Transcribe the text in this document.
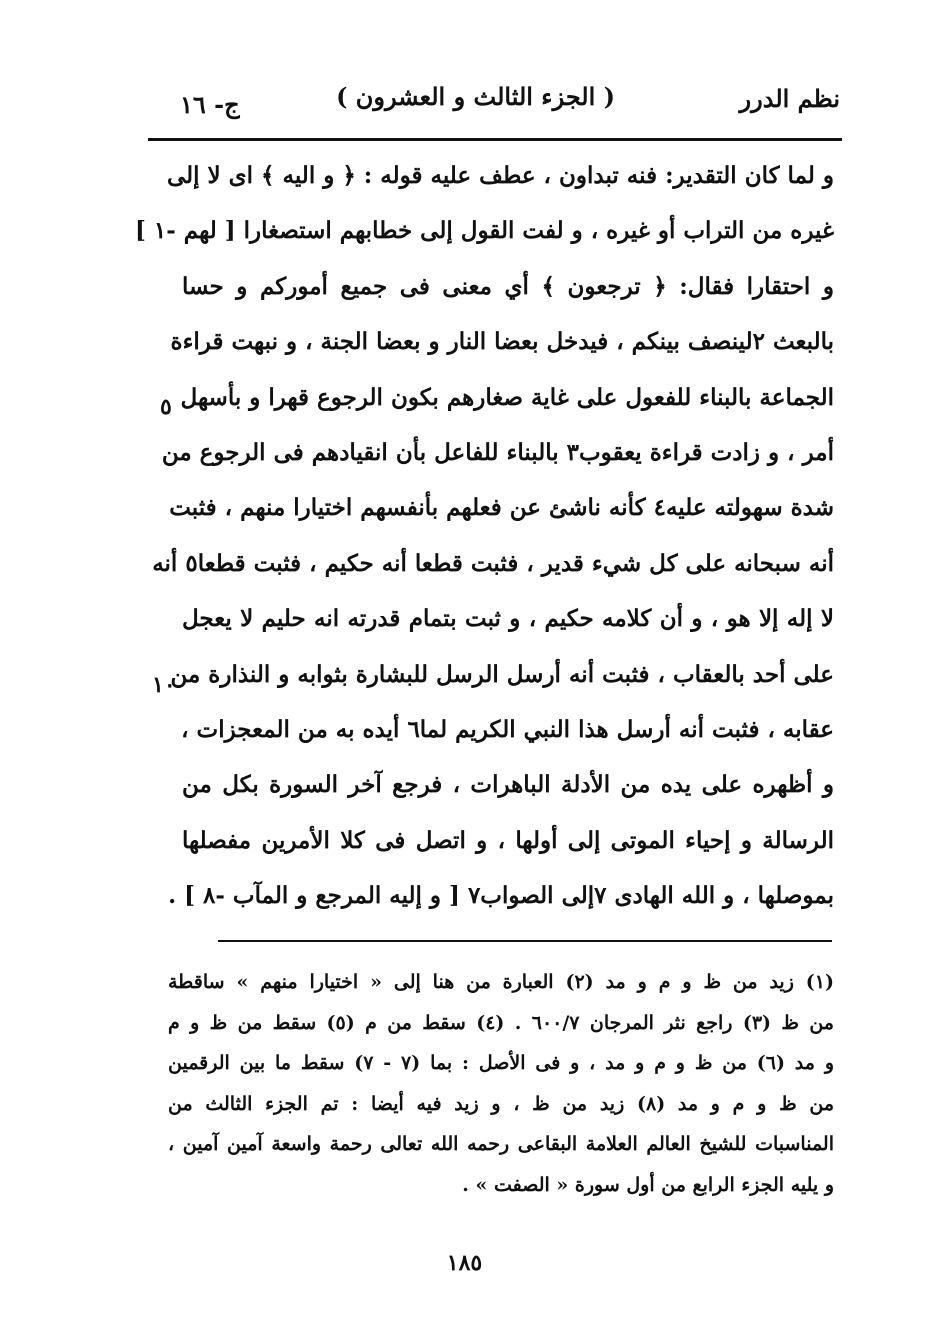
نظم الدرر
( الجزء الثالث و العشرون )
ج- ١٦
و لما كان التقدير: فنه تبداون ، عطف عليه قوله : ﴿ و اليه ﴾ اى لا إلى
غيره من التراب أو غيره ، و لفت القول إلى خطابهم استصغارا [ لهم -١ ]
و احتقارا فقال: ﴿ ترجعون ﴾ أي معنى فى جميع أموركم و حسا
بالبعث ٢لينصف بينكم ، فيدخل بعضا النار و بعضا الجنة ، و نبهت قراءة
الجماعة بالبناء للفعول على غاية صغارهم بكون الرجوع قهرا و بأسهل
أمر ، و زادت قراءة يعقوب٣ بالبناء للفاعل بأن انقيادهم فى الرجوع من
شدة سهولته عليه٤ كأنه ناشئ عن فعلهم بأنفسهم اختيارا منهم ، فثبت
أنه سبحانه على كل شيء قدير ، فثبت قطعا أنه حكيم ، فثبت قطعا٥ أنه
لا إله إلا هو ، و أن كلامه حكيم ، و ثبت بتمام قدرته انه حليم لا يعجل
على أحد بالعقاب ، فثبت أنه أرسل الرسل للبشارة بثوابه و النذارة من
عقابه ، فثبت أنه أرسل هذا النبي الكريم لما٦ أيده به من المعجزات ،
و أظهره على يده من الأدلة الباهرات ، فرجع آخر السورة بكل من
الرسالة و إحياء الموتى إلى أولها ، و اتصل فى كلا الأمرين مفصلها
بموصلها ، و الله الهادى ٧إلى الصواب٧ [ و إليه المرجع و المآب -٨ ] .
٥
١٠
(١) زيد من ظ و م و مد (٢) العبارة من هنا إلى « اختيارا منهم » ساقطة
من ظ (٣) راجع نثر المرجان ٦٠٠/٧ . (٤) سقط من م (٥) سقط من ظ و م
و مد (٦) من ظ و م و مد ، و فى الأصل : بما (٧ - ٧) سقط ما بين الرقمين
من ظ و م و مد (٨) زيد من ظ ، و زيد فيه أيضا : تم الجزء الثالث من
المناسبات للشيخ العالم العلامة البقاعى رحمه الله تعالى رحمة واسعة آمين آمين ،
و يليه الجزء الرابع من أول سورة « الصفت » .
١٨٥
